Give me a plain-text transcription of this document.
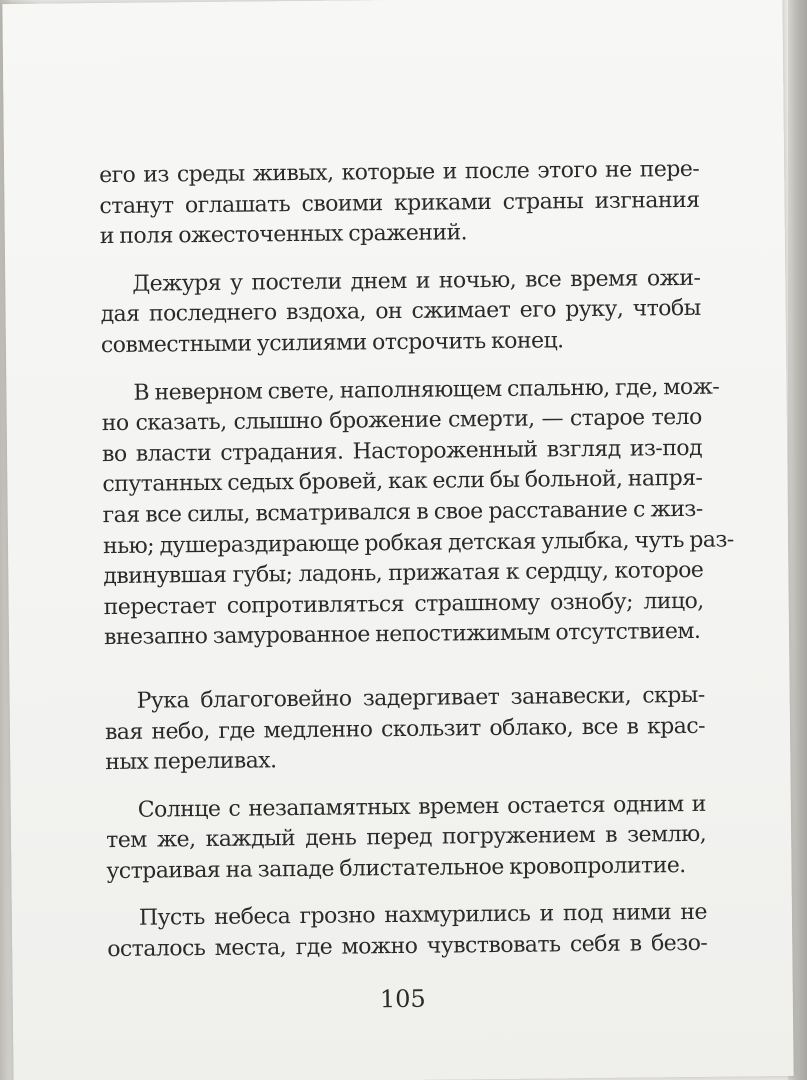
его из среды живых, которые и после этого не пере-
станут оглашать своими криками страны изгнания
и поля ожесточенных сражений.
Дежуря у постели днем и ночью, все время ожи-
дая последнего вздоха, он сжимает его руку, чтобы
совместными усилиями отсрочить конец.
В неверном свете, наполняющем спальню, где, мож-
но сказать, слышно брожение смерти, — старое тело
во власти страдания. Настороженный взгляд из-под
спутанных седых бровей, как если бы больной, напря-
гая все силы, всматривался в свое расставание с жиз-
нью; душераздирающе робкая детская улыбка, чуть раз-
двинувшая губы; ладонь, прижатая к сердцу, которое
перестает сопротивляться страшному ознобу; лицо,
внезапно замурованное непостижимым отсутствием.
Рука благоговейно задергивает занавески, скры-
вая небо, где медленно скользит облако, все в крас-
ных переливах.
Солнце с незапамятных времен остается одним и
тем же, каждый день перед погружением в землю,
устраивая на западе блистательное кровопролитие.
Пусть небеса грозно нахмурились и под ними не
осталось места, где можно чувствовать себя в безо-
105
